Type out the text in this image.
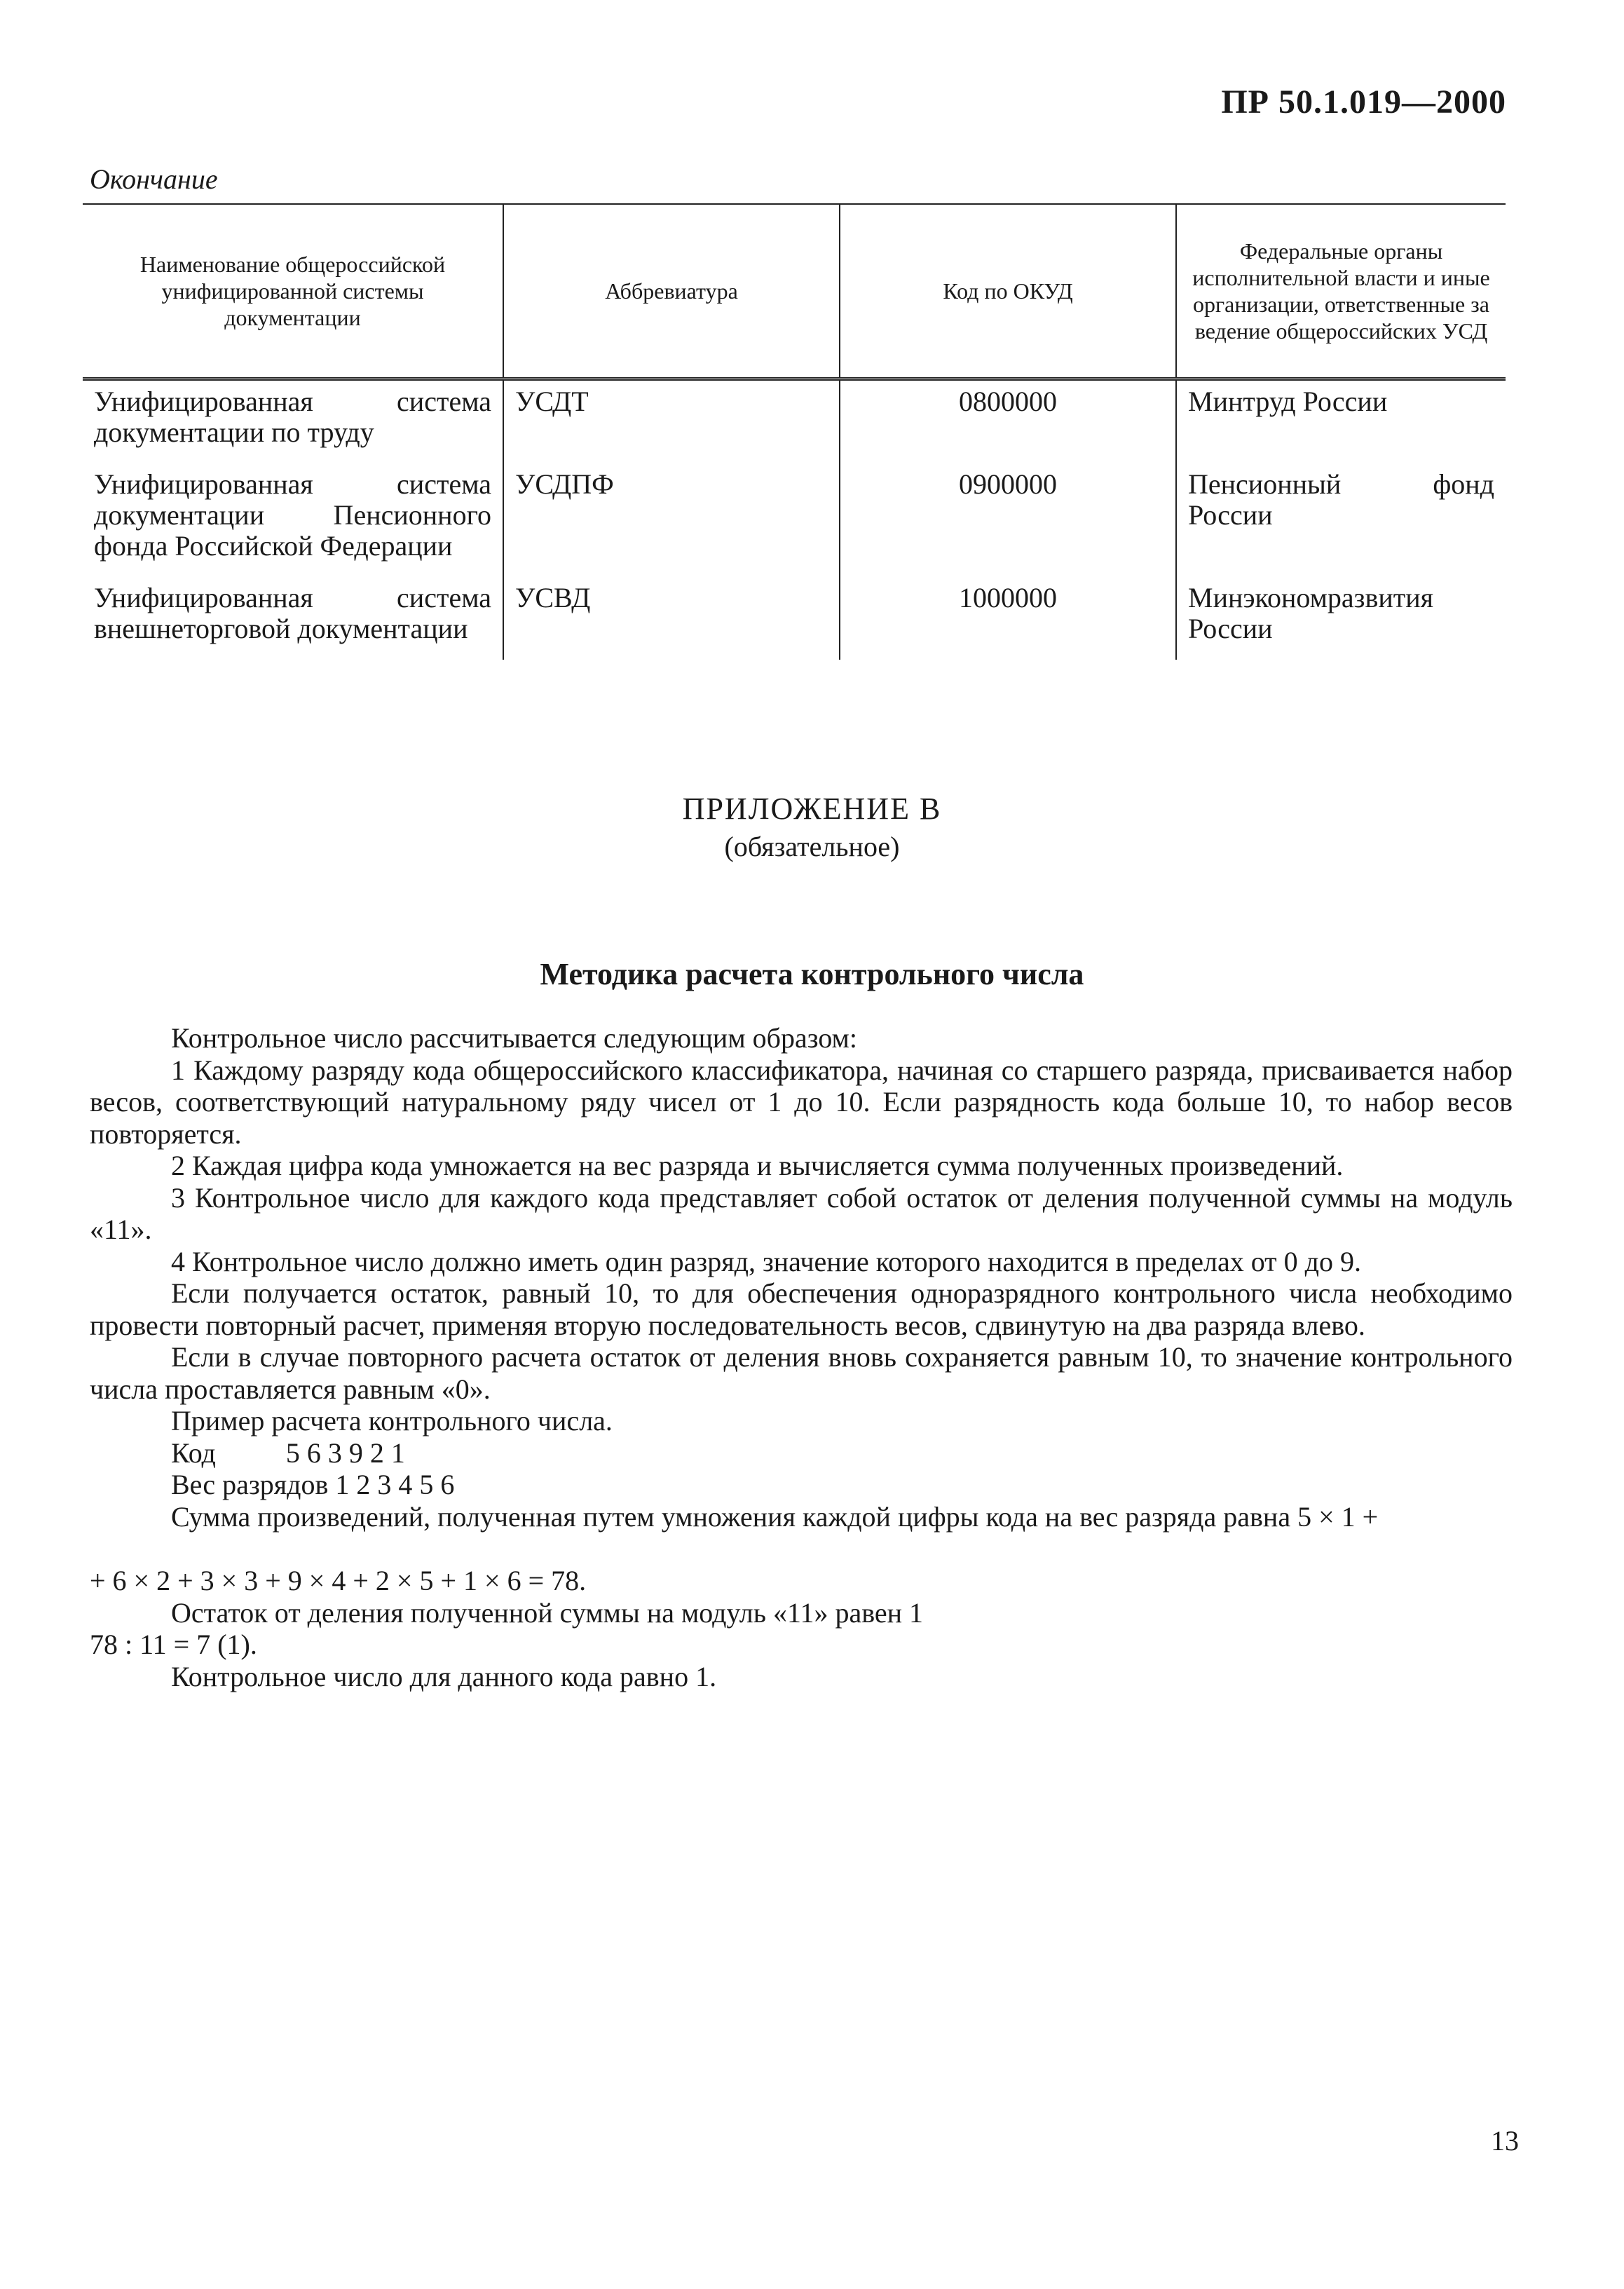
ПР 50.1.019—2000
Окончание
Наименование общероссийской унифицированной системы документации	Аббревиатура	Код по ОКУД	Федеральные органы исполнительной власти и иные организации, ответственные за ведение общероссийских УСД
Унифицированная система документации по труду	УСДТ	0800000	Минтруд России
Унифицированная система документации Пенсионного фонда Российской Федерации	УСДПФ	0900000	Пенсионный фонд России
Унифицированная система внешнеторговой документации	УСВД	1000000	Минэкономразвития России
ПРИЛОЖЕНИЕ В
(обязательное)
Методика расчета контрольного числа

Контрольное число рассчитывается следующим образом:

1 Каждому разряду кода общероссийского классификатора, начиная со старшего разряда, присваивается набор весов, соответствующий натуральному ряду чисел от 1 до 10. Если разрядность кода больше 10, то набор весов повторяется.

2 Каждая цифра кода умножается на вес разряда и вычисляется сумма полученных произведений.

3 Контрольное число для каждого кода представляет собой остаток от деления полученной суммы на модуль «11».

4 Контрольное число должно иметь один разряд, значение которого находится в пределах от 0 до 9.

Если получается остаток, равный 10, то для обеспечения одноразрядного контрольного числа необходимо провести повторный расчет, применяя вторую последовательность весов, сдвинутую на два разряда влево.

Если в случае повторного расчета остаток от деления вновь сохраняется равным 10, то значение контрольного числа проставляется равным «0».

Пример расчета контрольного числа.

Код	5 6 3 9 2 1
Вес разрядов 1 2 3 4 5 6

Сумма произведений, полученная путем умножения каждой цифры кода на вес разряда равна 5 × 1 +

+ 6 × 2 + 3 × 3 + 9 × 4 + 2 × 5 + 1 × 6 = 78.

Остаток от деления полученной суммы на модуль «11» равен 1

78 : 11 = 7 (1).

Контрольное число для данного кода равно 1.

13
